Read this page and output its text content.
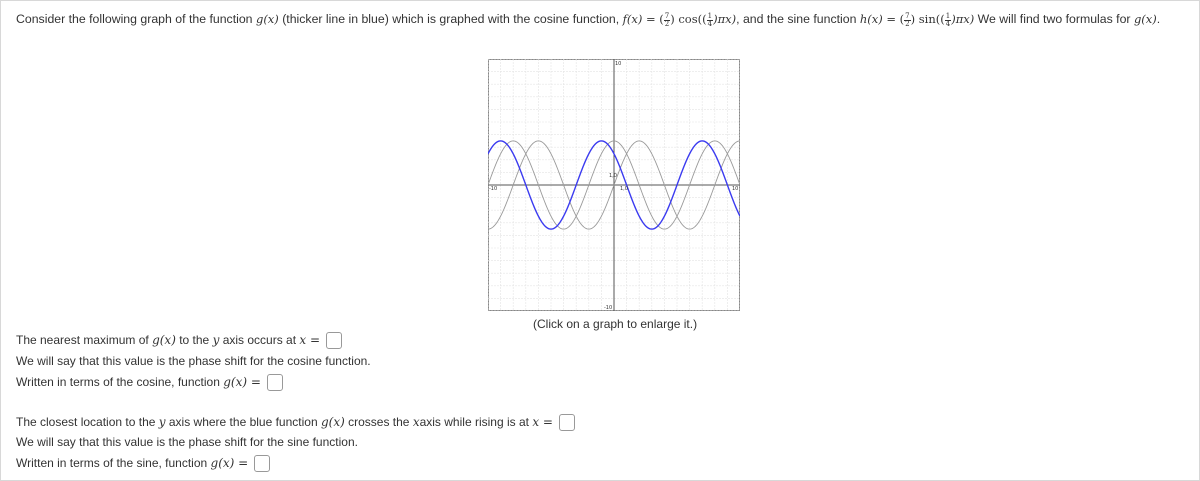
Consider the following graph of the function g(x) (thicker line in blue) which is graphed with the cosine function, f(x) = ( $\frac{7}{2}$ ) $\cos(( \frac{1}{4} )\pi x)$, and the sine function h(x) = ( $\frac{7}{2}$ ) $\sin(( \frac{1}{4} )\pi x)$ We will find two formulas for g(x).
10
-10
-10	10
1,0
1,0
(Click on a graph to enlarge it.)
The nearest maximum of g(x) to the y axis occurs at x =
We will say that this value is the phase shift for the cosine function.
Written in terms of the cosine, function g(x) =
The closest location to the y axis where the blue function g(x) crosses the xaxis while rising is at x =
We will say that this value is the phase shift for the sine function.
Written in terms of the sine, function g(x) =
